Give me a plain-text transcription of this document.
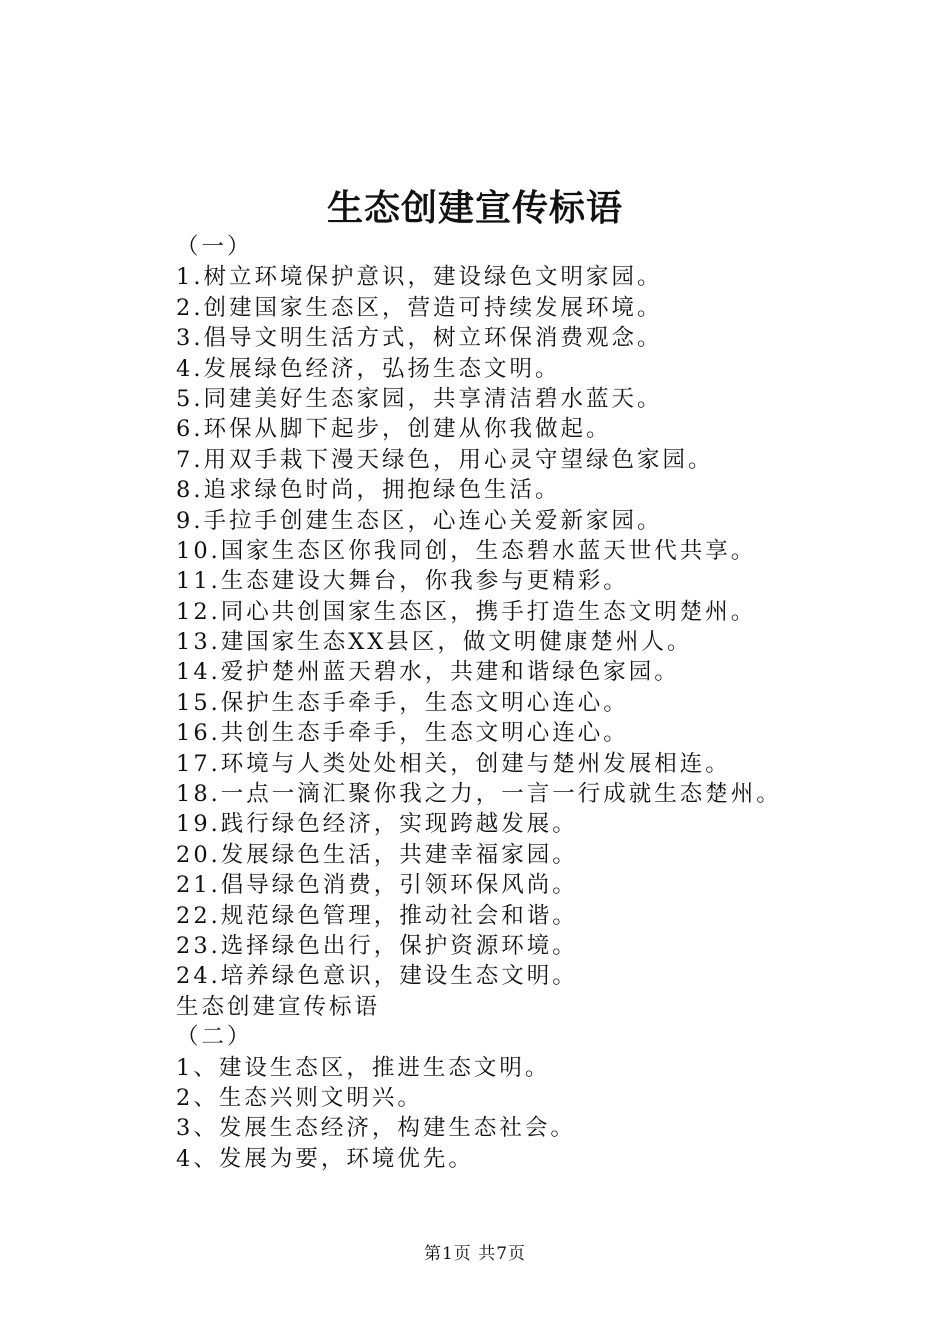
生态创建宣传标语
（一）
1.树立环境保护意识，建设绿色文明家园。
2.创建国家生态区，营造可持续发展环境。
3.倡导文明生活方式，树立环保消费观念。
4.发展绿色经济，弘扬生态文明。
5.同建美好生态家园，共享清洁碧水蓝天。
6.环保从脚下起步，创建从你我做起。
7.用双手栽下漫天绿色，用心灵守望绿色家园。
8.追求绿色时尚，拥抱绿色生活。
9.手拉手创建生态区，心连心关爱新家园。
10.国家生态区你我同创，生态碧水蓝天世代共享。
11.生态建设大舞台，你我参与更精彩。
12.同心共创国家生态区，携手打造生态文明楚州。
13.建国家生态XX县区，做文明健康楚州人。
14.爱护楚州蓝天碧水，共建和谐绿色家园。
15.保护生态手牵手，生态文明心连心。
16.共创生态手牵手，生态文明心连心。
17.环境与人类处处相关，创建与楚州发展相连。
18.一点一滴汇聚你我之力，一言一行成就生态楚州。
19.践行绿色经济，实现跨越发展。
20.发展绿色生活，共建幸福家园。
21.倡导绿色消费，引领环保风尚。
22.规范绿色管理，推动社会和谐。
23.选择绿色出行，保护资源环境。
24.培养绿色意识，建设生态文明。
生态创建宣传标语
（二）
1、建设生态区，推进生态文明。
2、生态兴则文明兴。
3、发展生态经济，构建生态社会。
4、发展为要，环境优先。
第1页 共7页
